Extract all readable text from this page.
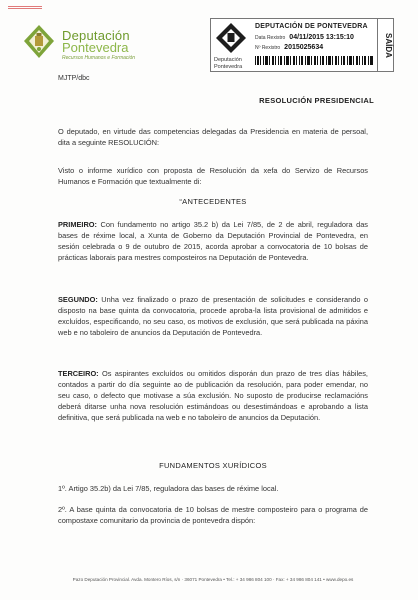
Deputación
Pontevedra
Recursos Humanos e Formación	Deputación
Pontevedra
DEPUTACIÓN DE PONTEVEDRA
Data Rexistro 04/11/2015 13:15:10
Nº Rexistro 2015025634	SAÍDA
MJTP/dbc
RESOLUCIÓN PRESIDENCIAL

O deputado, en virtude das competencias delegadas da Presidencia en materia de persoal, dita a seguinte RESOLUCIÓN:

Visto o informe xurídico con proposta de Resolución da xefa do Servizo de Recursos Humanos e Formación que textualmente di:

“ANTECEDENTES

PRIMEIRO: Con fundamento no artigo 35.2 b) da Lei 7/85, de 2 de abril, reguladora das bases de réxime local, a Xunta de Goberno da Deputación Provincial de Pontevedra, en sesión celebrada o 9 de outubro de 2015, acorda aprobar a convocatoria de 10 bolsas de prácticas laborais para mestres composteiros na Deputación de Pontevedra.

SEGUNDO: Unha vez finalizado o prazo de presentación de solicitudes e considerando o disposto na base quinta da convocatoria, procede aproba-la lista provisional de admitidos e excluídos, especificando, no seu caso, os motivos de exclusión, que será publicada na páxina web e no taboleiro de anuncios da Deputación de Pontevedra.

TERCEIRO: Os aspirantes excluídos ou omitidos disporán dun prazo de tres días hábiles, contados a partir do día seguinte ao de publicación da resolución, para poder emendar, no seu caso, o defecto que motivase a súa exclusión. No suposto de producirse reclamacións deberá ditarse unha nova resolución estimándoas ou desestimándoas e aprobando a lista definitiva, que será publicada na web e no taboleiro de anuncios da Deputación.

FUNDAMENTOS XURÍDICOS

1º. Artigo 35.2b) da Lei 7/85, reguladora das bases de réxime local.

2º. A base quinta da convocatoria de 10 bolsas de mestre composteiro para o programa de compostaxe comunitario da provincia de pontevedra dispón:

Pazo Deputación Provincial. Avda. Montero Ríos, s/n · 36071 Pontevedra • Tel.: + 34 986 804 100 · Fax: + 34 986 804 141 • www.depo.es
